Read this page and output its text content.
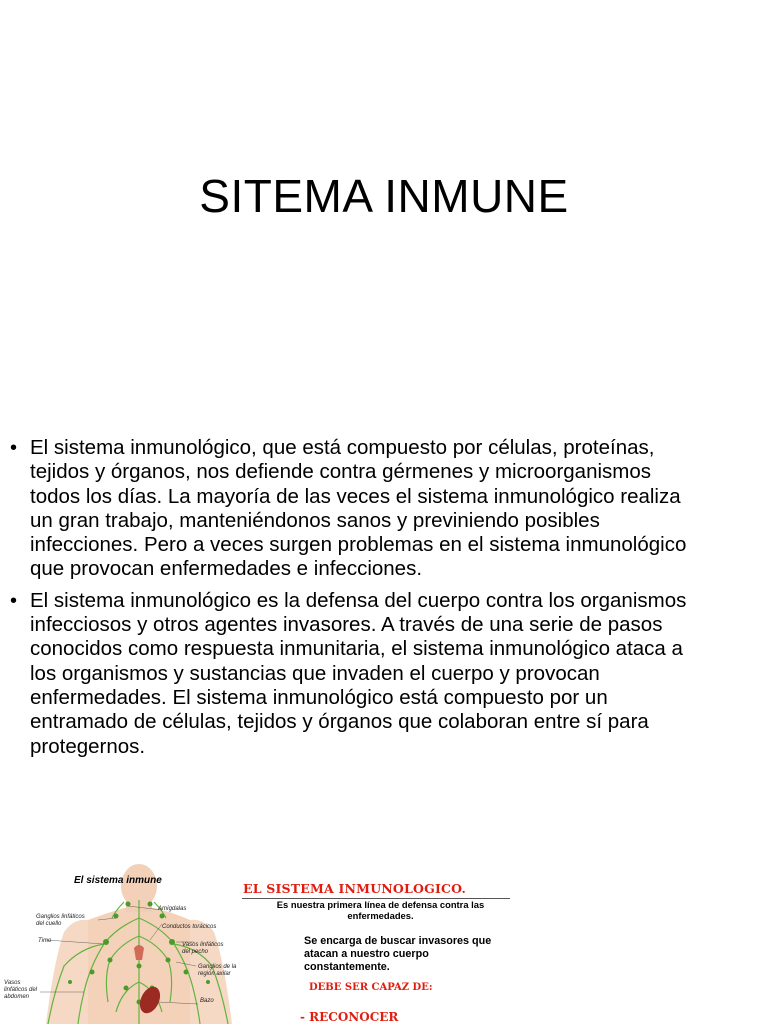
SITEMA INMUNE
• El sistema inmunológico, que está compuesto por células, proteínas,
tejidos y órganos, nos defiende contra gérmenes y microorganismos
todos los días. La mayoría de las veces el sistema inmunológico realiza
un gran trabajo, manteniéndonos sanos y previniendo posibles
infecciones. Pero a veces surgen problemas en el sistema inmunológico
que provocan enfermedades e infecciones.
• El sistema inmunológico es la defensa del cuerpo contra los organismos
infecciosos y otros agentes invasores. A través de una serie de pasos
conocidos como respuesta inmunitaria, el sistema inmunológico ataca a
los organismos y sustancias que invaden el cuerpo y provocan
enfermedades. El sistema inmunológico está compuesto por un
entramado de células, tejidos y órganos que colaboran entre sí para
protegernos.
El sistema inmune
Amígdalas
Ganglios linfáticos del cuello	Conductos torácicos
Timo
Vasos linfáticos del pecho
Ganglios de la región axilar
Vasos linfáticos del abdomen
Bazo
EL SISTEMA INMUNOLOGICO.
Es nuestra primera línea de defensa contra las enfermedades.
Se encarga de buscar invasores que atacan a nuestro cuerpo constantemente.
DEBE SER CAPAZ DE:
- RECONOCER
